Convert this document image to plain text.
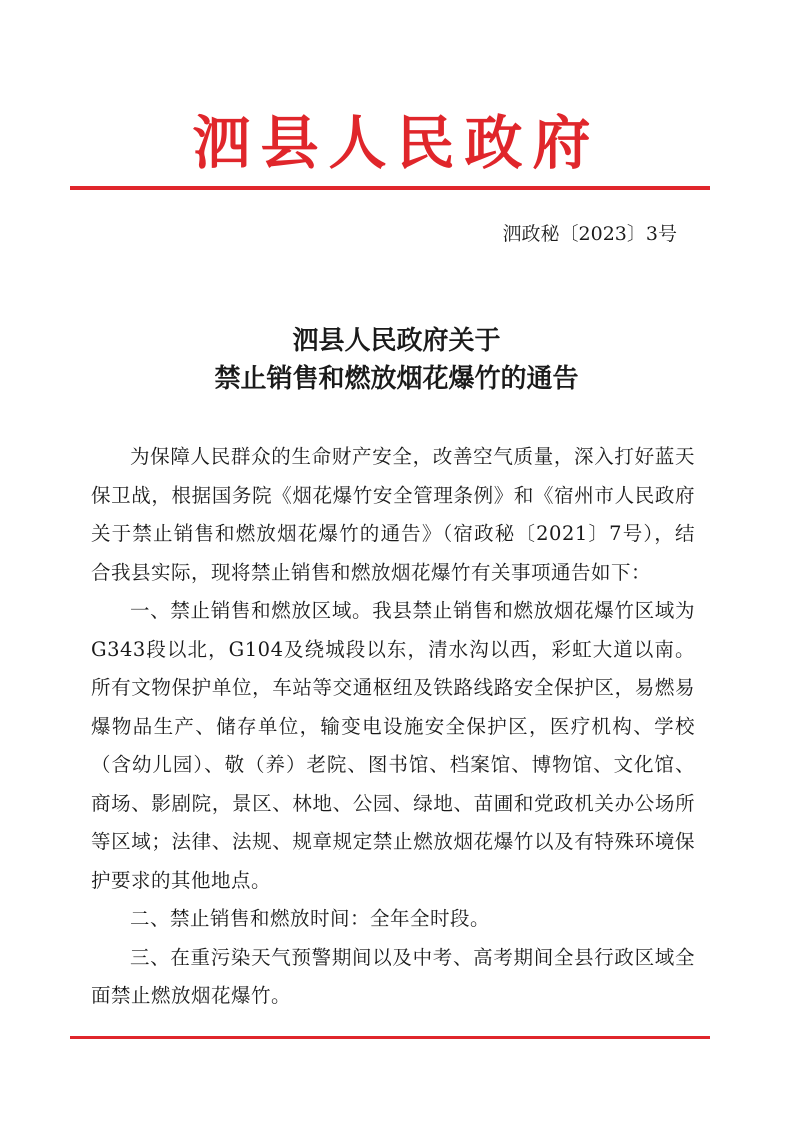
泗县人民政府
泗政秘〔2023〕3号
泗县人民政府关于
禁止销售和燃放烟花爆竹的通告

为保障人民群众的生命财产安全，改善空气质量，深入打好蓝天保卫战，根据国务院《烟花爆竹安全管理条例》和《宿州市人民政府关于禁止销售和燃放烟花爆竹的通告》（宿政秘〔2021〕7号），结合我县实际，现将禁止销售和燃放烟花爆竹有关事项通告如下：

一、禁止销售和燃放区域。我县禁止销售和燃放烟花爆竹区域为G343段以北，G104及绕城段以东，清水沟以西，彩虹大道以南。所有文物保护单位，车站等交通枢纽及铁路线路安全保护区，易燃易爆物品生产、储存单位，输变电设施安全保护区，医疗机构、学校（含幼儿园）、敬（养）老院、图书馆、档案馆、博物馆、文化馆、商场、影剧院，景区、林地、公园、绿地、苗圃和党政机关办公场所等区域；法律、法规、规章规定禁止燃放烟花爆竹以及有特殊环境保护要求的其他地点。

二、禁止销售和燃放时间：全年全时段。

三、在重污染天气预警期间以及中考、高考期间全县行政区域全面禁止燃放烟花爆竹。
